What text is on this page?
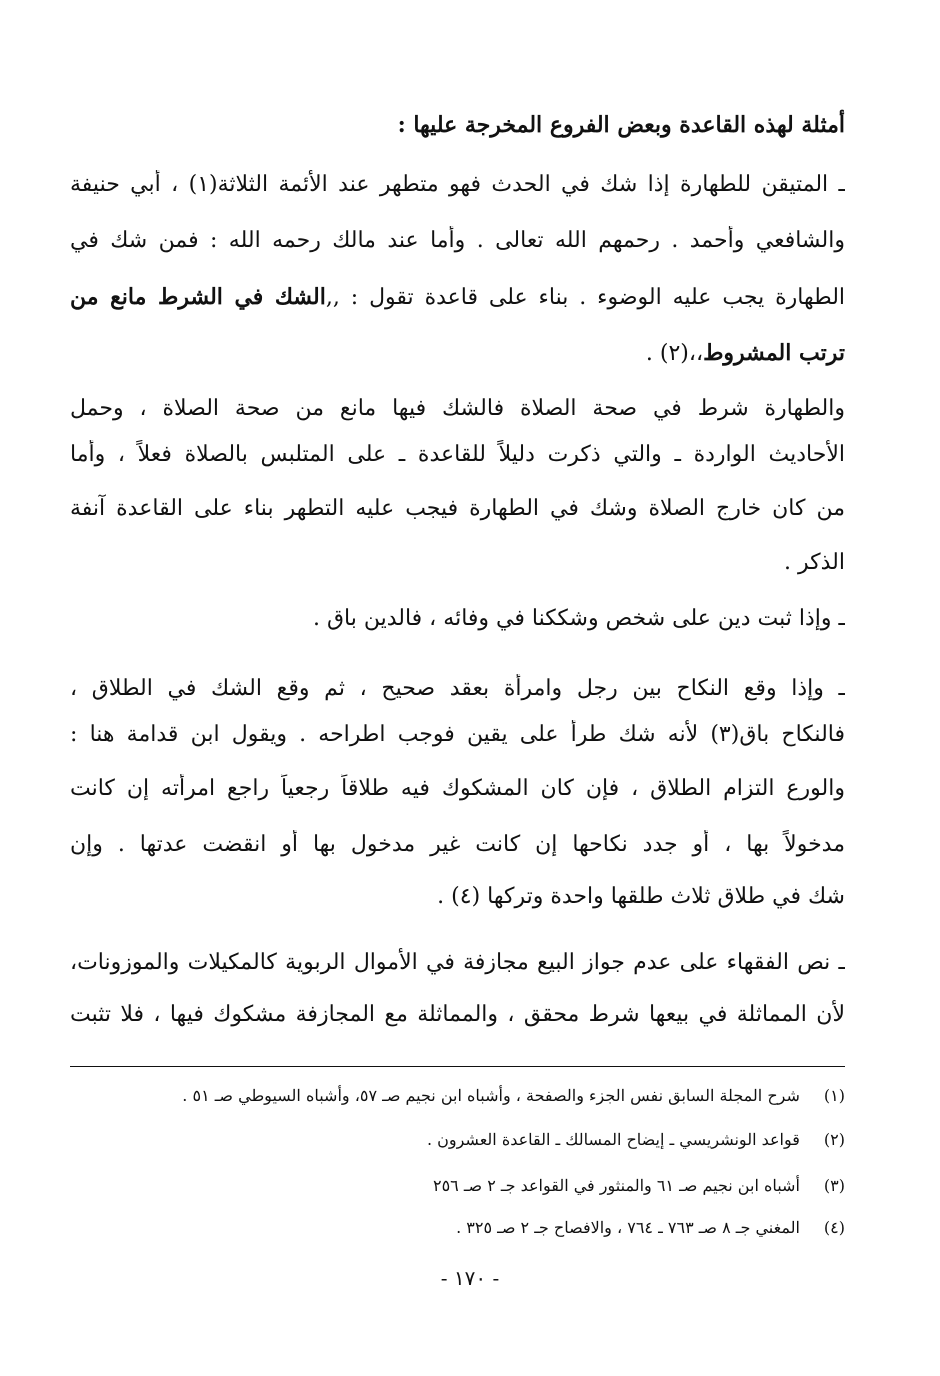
أمثلة لهذه القاعدة وبعض الفروع المخرجة عليها :
ـ المتيقن للطهارة إذا شك في الحدث فهو متطهر عند الأئمة الثلاثة(١) ، أبي حنيفة
والشافعي وأحمد . رحمهم الله تعالى . وأما عند مالك رحمه الله : فمن شك في
الطهارة يجب عليه الوضوء . بناء على قاعدة تقول : ,,الشك في الشرط مانع من
ترتب المشروط،،(٢) .
والطهارة شرط في صحة الصلاة فالشك فيها مانع من صحة الصلاة ، وحمل
الأحاديث الواردة ـ والتي ذكرت دليلاً للقاعدة ـ على المتلبس بالصلاة فعلاً ، وأما
من كان خارج الصلاة وشك في الطهارة فيجب عليه التطهر بناء على القاعدة آنفة
الذكر .
ـ وإذا ثبت دين على شخص وشككنا في وفائه ، فالدين باق .
ـ وإذا وقع النكاح بين رجل وامرأة بعقد صحيح ، ثم وقع الشك في الطلاق ،
فالنكاح باق(٣) لأنه شك طرأ على يقين فوجب اطراحه . ويقول ابن قدامة هنا :
والورع التزام الطلاق ، فإن كان المشكوك فيه طلاقاً رجعياً راجع امرأته إن كانت
مدخولاً بها ، أو جدد نكاحها إن كانت غير مدخول بها أو انقضت عدتها . وإن
شك في طلاق ثلاث طلقها واحدة وتركها (٤) .
ـ نص الفقهاء على عدم جواز البيع مجازفة في الأموال الربوية كالمكيلات والموزونات،
لأن المماثلة في بيعها شرط محقق ، والمماثلة مع المجازفة مشكوك فيها ، فلا تثبت
(١) شرح المجلة السابق نفس الجزء والصفحة ، وأشباه ابن نجيم صـ ٥٧، وأشباه السيوطي صـ ٥١ .
(٢) قواعد الونشريسي ـ إيضاح المسالك ـ القاعدة العشرون .
(٣) أشباه ابن نجيم صـ ٦١ والمنثور في القواعد جـ ٢ صـ ٢٥٦
(٤) المغني جـ ٨ صـ ٧٦٣ ـ ٧٦٤ ، والافصاح جـ ٢ صـ ٣٢٥ .
- ١٧٠ -
